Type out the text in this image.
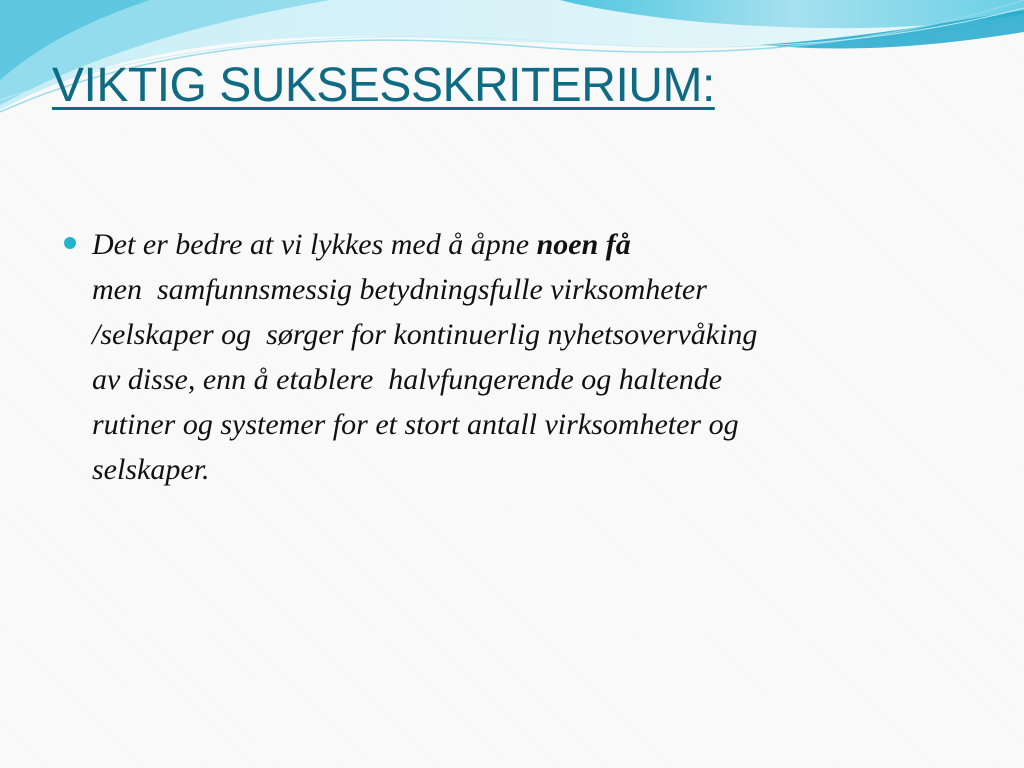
VIKTIG SUKSESSKRITERIUM:
Det er bedre at vi lykkes med å åpne noen få
men  samfunnsmessig betydningsfulle virksomheter
/selskaper og  sørger for kontinuerlig nyhetsovervåking
av disse, enn å etablere  halvfungerende og haltende
rutiner og systemer for et stort antall virksomheter og
selskaper.
